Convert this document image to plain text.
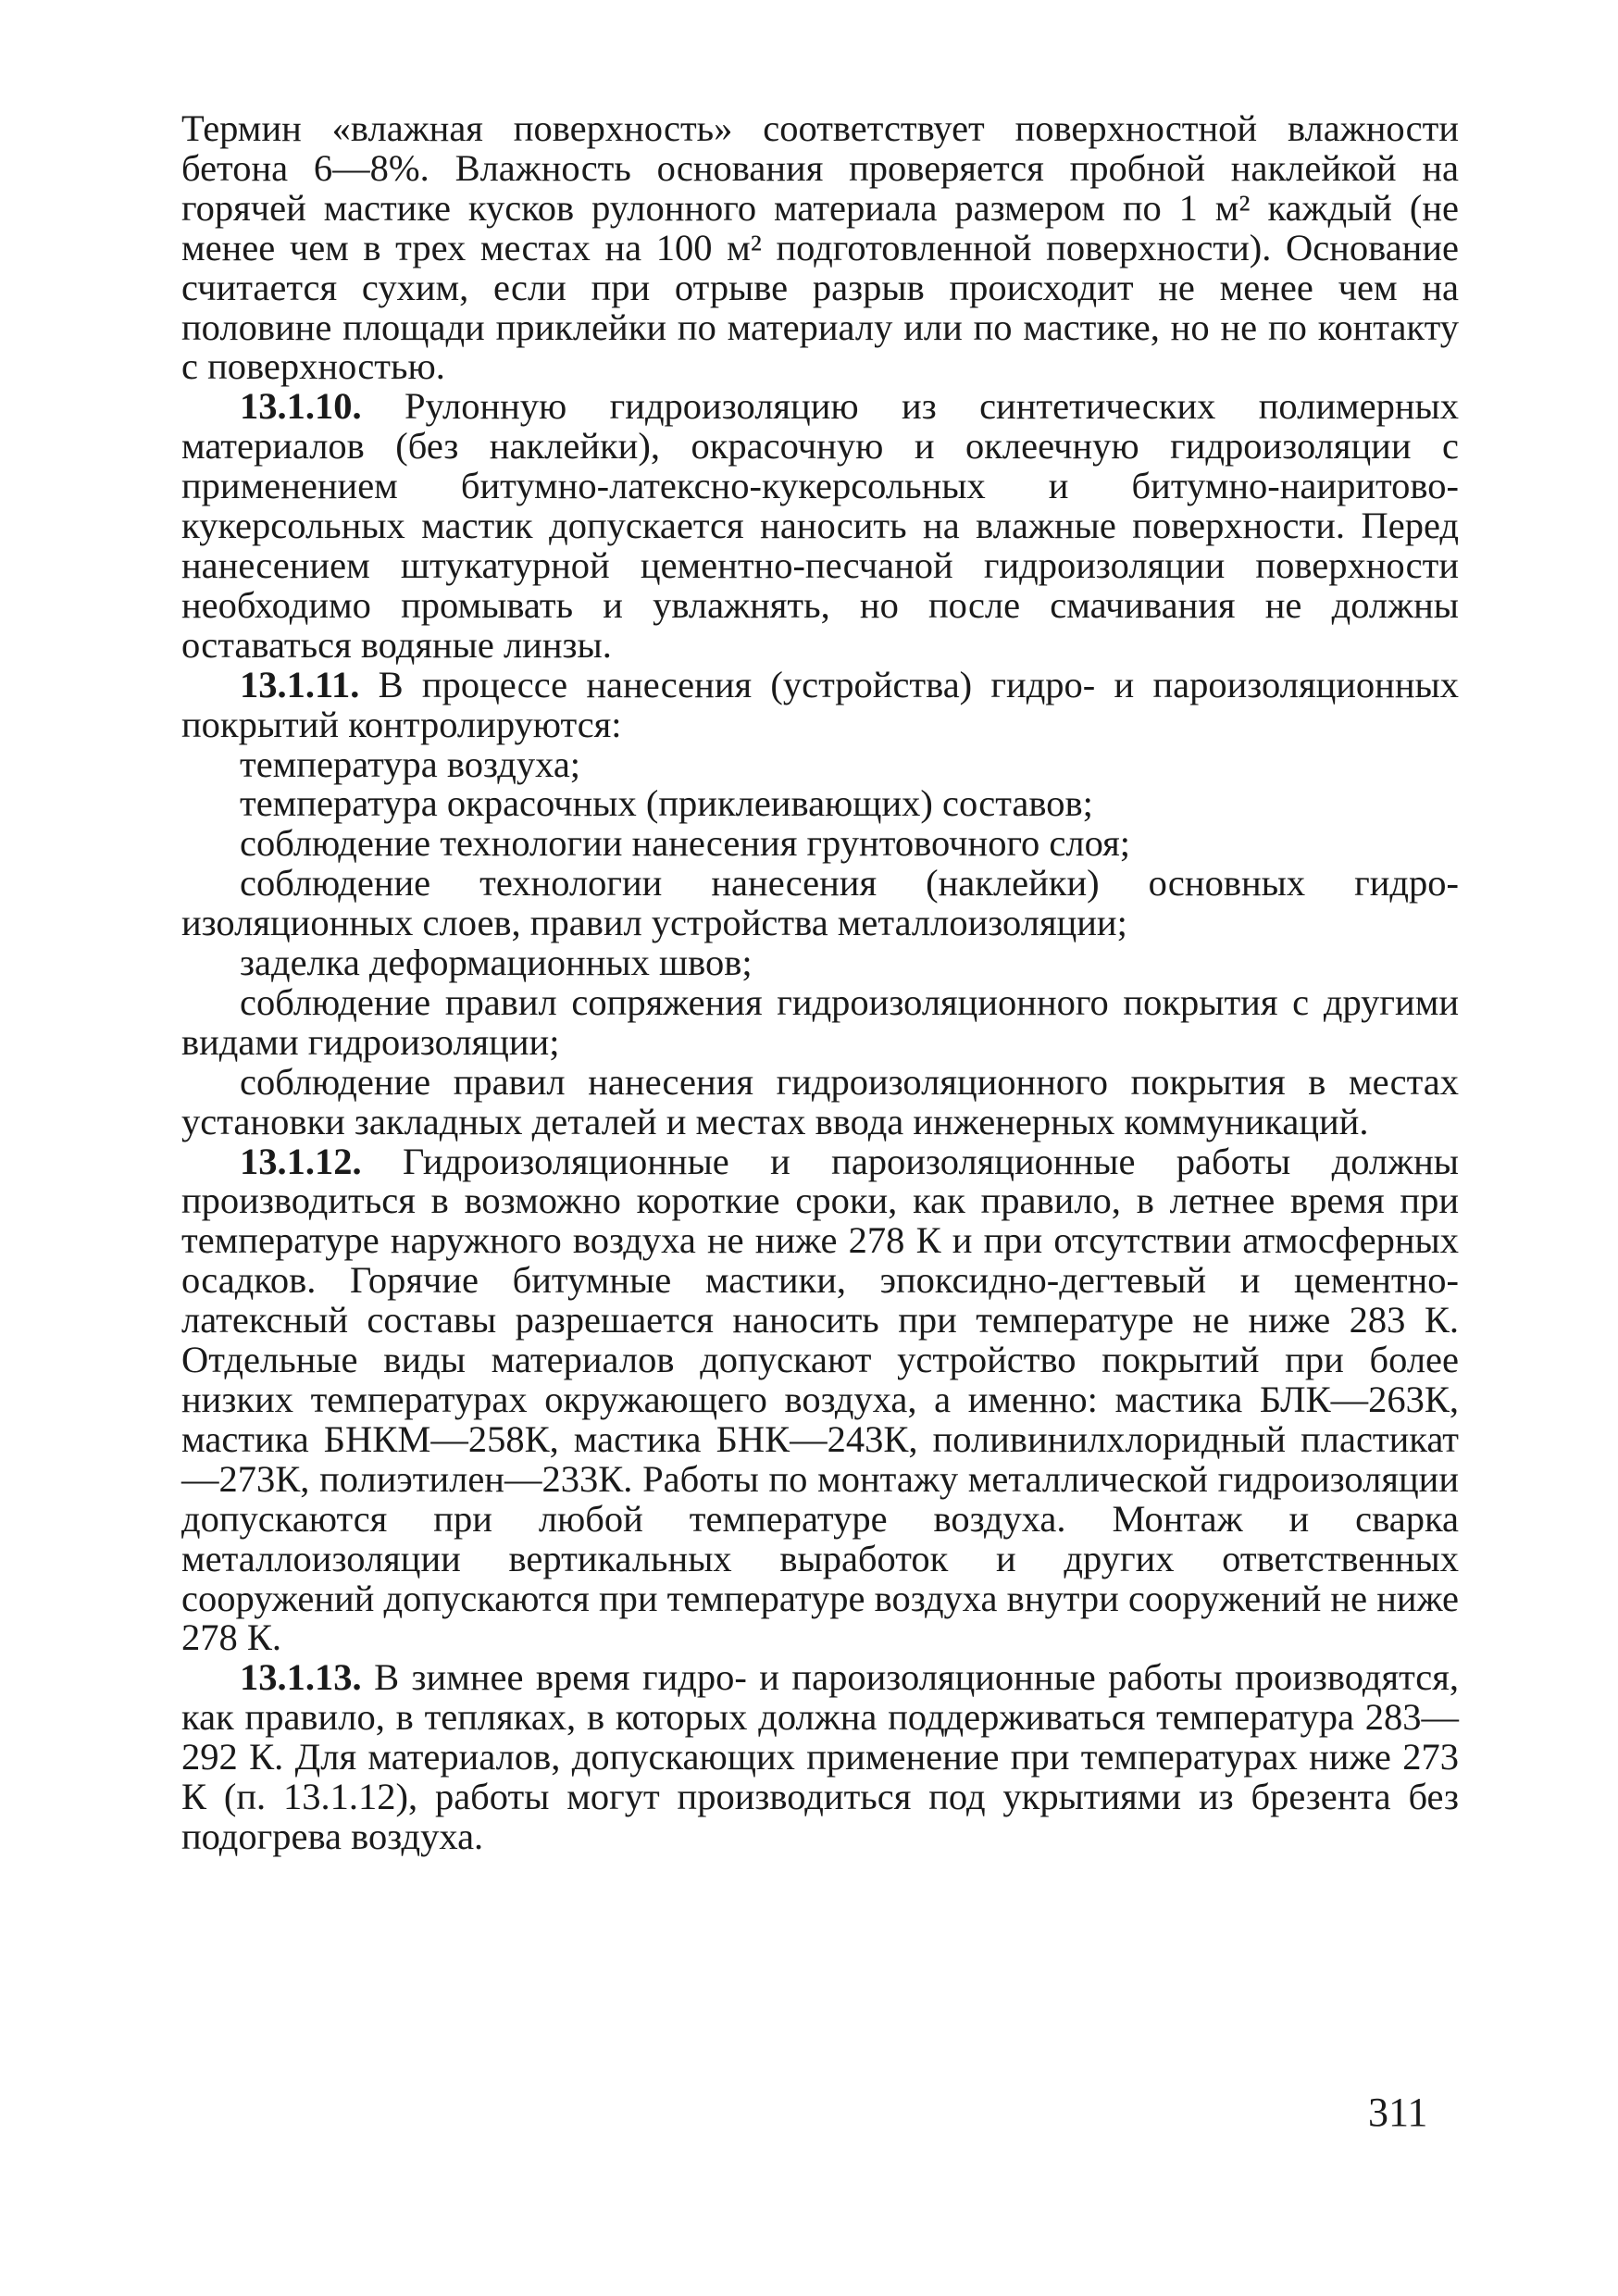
Термин «влажная поверхность» соответствует поверхностной влажности бетона 6—8%. Влажность основания проверяется пробной наклейкой на горячей мастике кусков рулонного материала размером по 1 м² каждый (не менее чем в трех местах на 100 м² подготовленной поверхности). Основание считается сухим, если при отрыве разрыв происходит не менее чем на половине площади приклейки по материалу или по мастике, но не по контакту с поверхностью.

13.1.10. Рулонную гидроизоляцию из синтетических полимерных материалов (без наклейки), окрасочную и оклеечную гидроизоляции с применением битумно-латексно-кукерсольных и битумно-наиритово-кукерсольных мастик допускается наносить на влажные поверхности. Перед нанесением штукатурной цементно-песчаной гидроизоляции поверхности необходимо промывать и увлажнять, но после смачивания не должны оставаться водяные линзы.

13.1.11. В процессе нанесения (устройства) гидро- и пароизоляционных покрытий контролируются:

температура воздуха;

температура окрасочных (приклеивающих) составов;

соблюдение технологии нанесения грунтовочного слоя;

соблюдение технологии нанесения (наклейки) основных гидроизоляционных слоев, правил устройства металлоизоляции;

заделка деформационных швов;

соблюдение правил сопряжения гидроизоляционного покрытия с другими видами гидроизоляции;

соблюдение правил нанесения гидроизоляционного покрытия в местах установки закладных деталей и местах ввода инженерных коммуникаций.

13.1.12. Гидроизоляционные и пароизоляционные работы должны производиться в возможно короткие сроки, как правило, в летнее время при температуре наружного воздуха не ниже 278 К и при отсутствии атмосферных осадков. Горячие битумные мастики, эпоксидно-дегтевый и цементно-латексный составы разрешается наносить при температуре не ниже 283 К. Отдельные виды материалов допускают устройство покрытий при более низких температурах окружающего воздуха, а именно: мастика БЛК—263К, мастика БНКМ—258К, мастика БНК—243К, поливинилхлоридный пластикат—273К, полиэтилен—233К. Работы по монтажу металлической гидроизоляции допускаются при любой температуре воздуха. Монтаж и сварка металлоизоляции вертикальных выработок и других ответственных сооружений допускаются при температуре воздуха внутри сооружений не ниже 278 К.

13.1.13. В зимнее время гидро- и пароизоляционные работы производятся, как правило, в тепляках, в которых должна поддерживаться температура 283—292 К. Для материалов, допускающих применение при температурах ниже 273 К (п. 13.1.12), работы могут производиться под укрытиями из брезента без подогрева воздуха.

311
